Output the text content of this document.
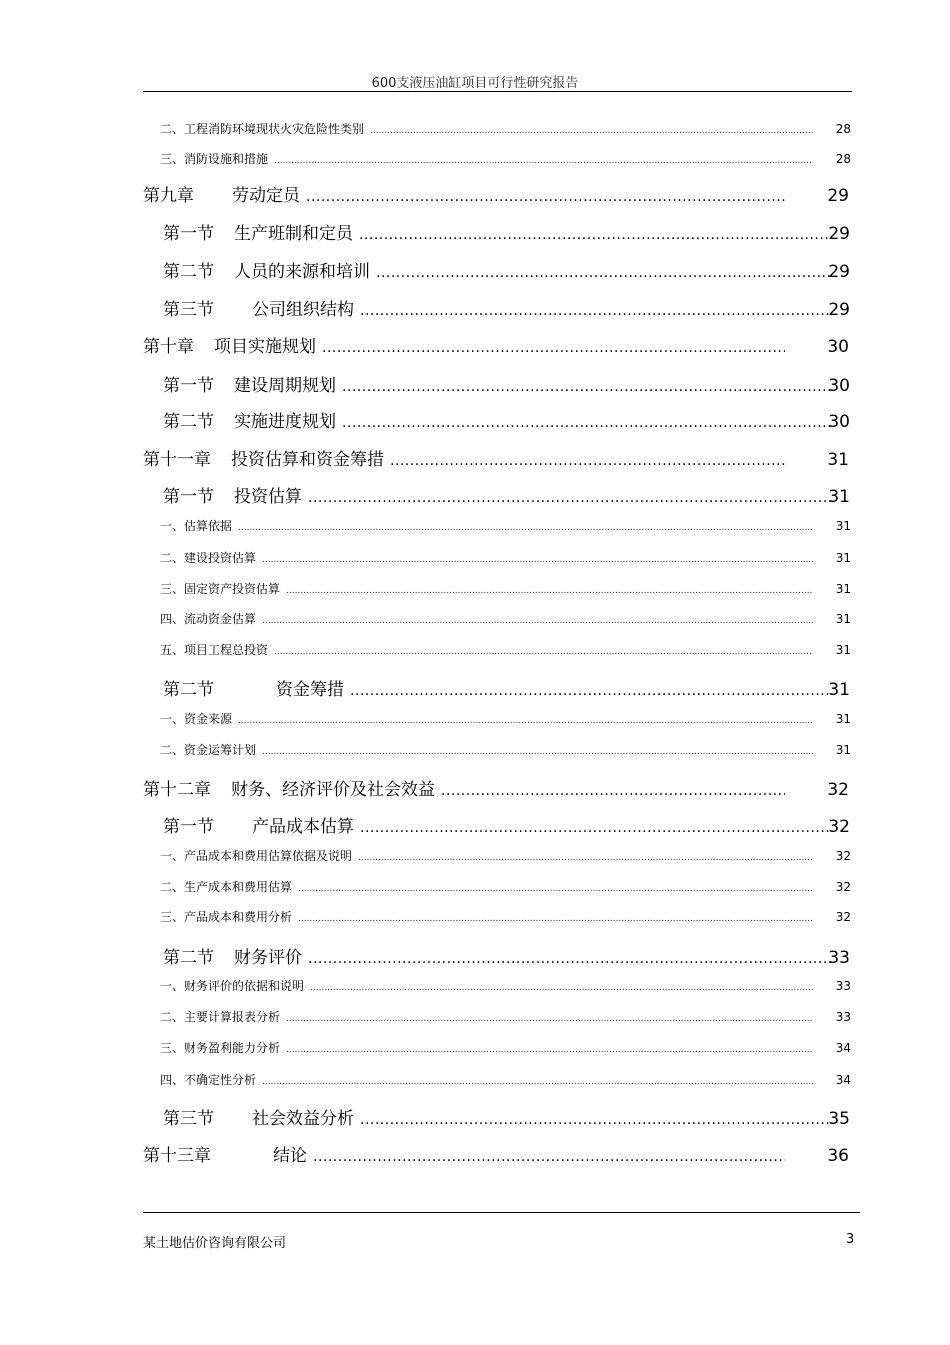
600支液压油缸项目可行性研究报告
二、工程消防环境现状火灾危险性类别 .....	28
三、消防设施和措施 .....	28
第九章 劳动定员 .....	29
第一节 生产班制和定员 .....	29
第二节 人员的来源和培训 .....	29
第三节 公司组织结构 .....	29
第十章 项目实施规划 .....	30
第一节 建设周期规划 .....	30
第二节 实施进度规划 .....	30
第十一章 投资估算和资金筹措 .....	31
第一节 投资估算 .....	31
一、估算依据 .....	31
二、建设投资估算 .....	31
三、固定资产投资估算 .....	31
四、流动资金估算 .....	31
五、项目工程总投资 .....	31
第二节	资金筹措 .....	31
一、资金来源 .....	31
二、资金运筹计划 .....	31
第十二章 财务、经济评价及社会效益 .....	32
第一节 产品成本估算 .....	32
一、产品成本和费用估算依据及说明 .....	32
二、生产成本和费用估算 .....	32
三、产品成本和费用分析 .....	32
第二节 财务评价 .....	33
一、财务评价的依据和说明 .....	33
二、主要计算报表分析 .....	33
三、财务盈利能力分析 .....	34
四、不确定性分析 .....	34
第三节 社会效益分析 .....	35
第十三章	结论 .....	36
某土地估价咨询有限公司	3
